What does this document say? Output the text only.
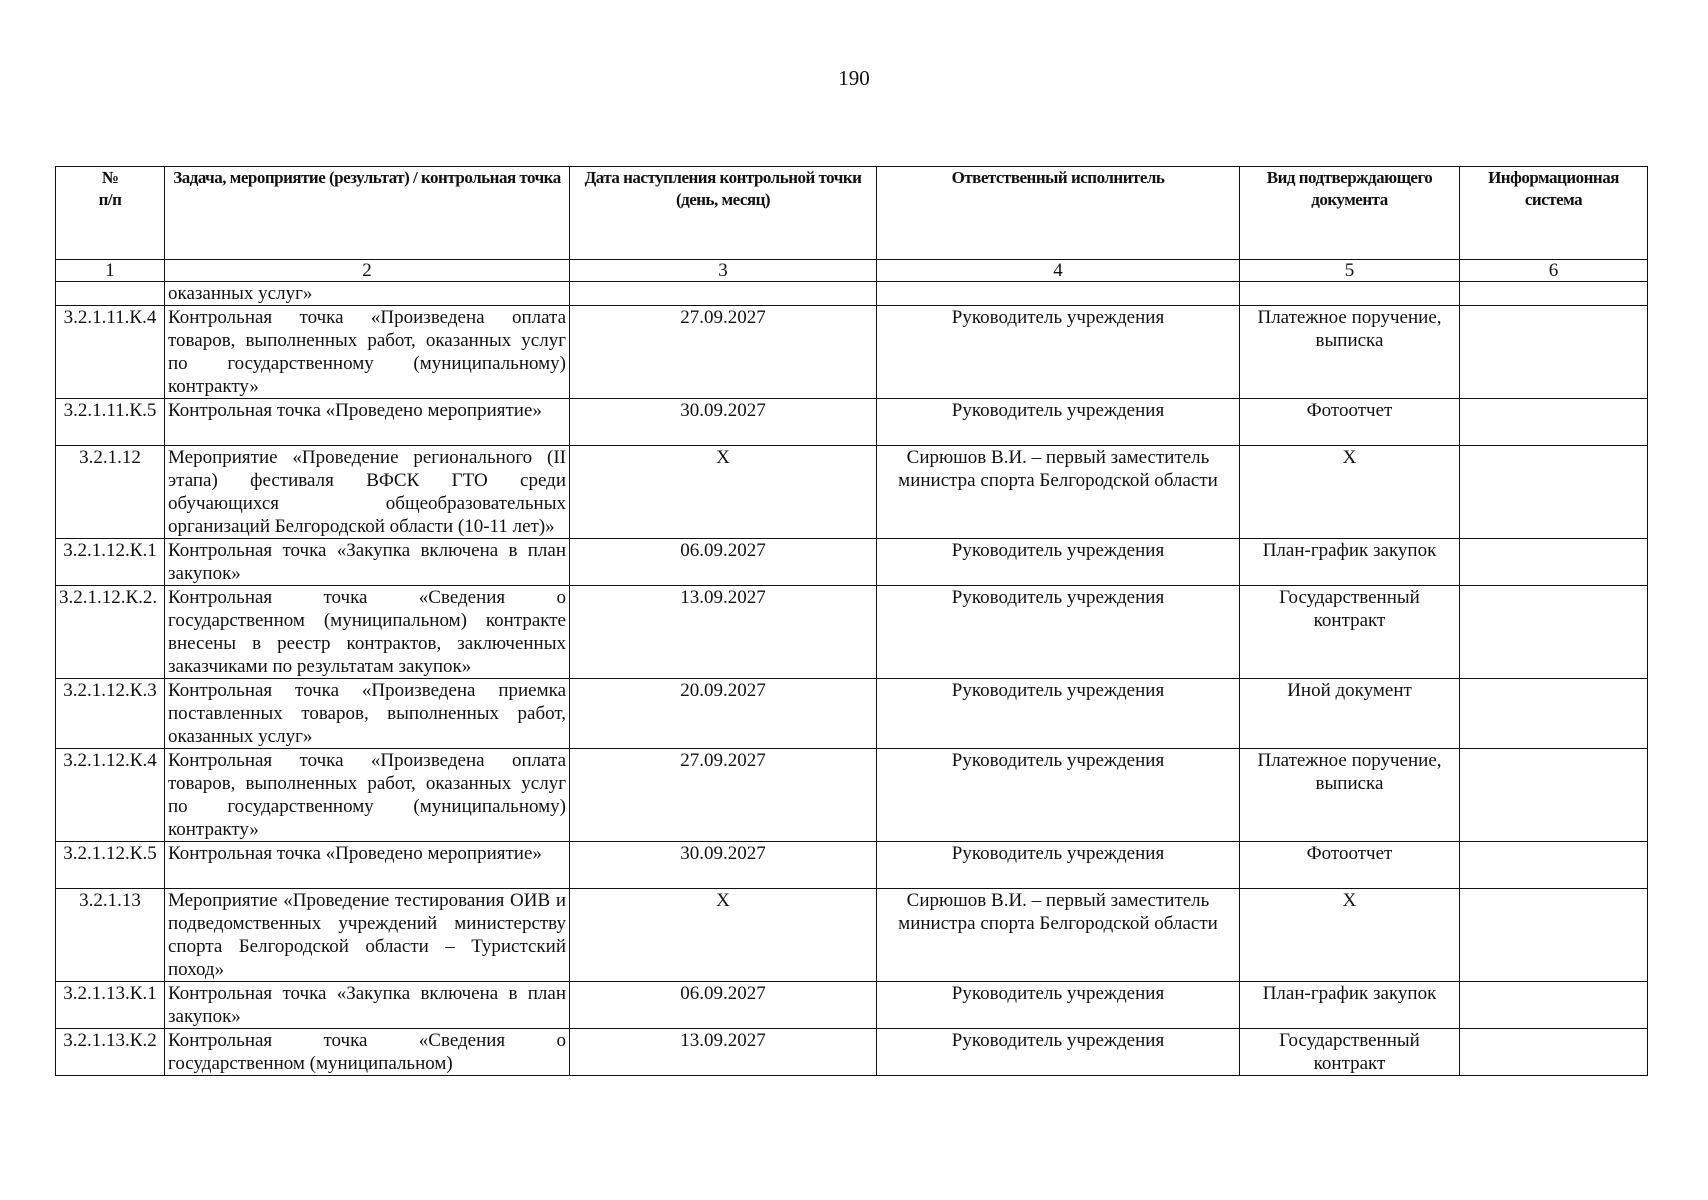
190
№
п/п	Задача, мероприятие (результат) / контрольная точка	Дата наступления контрольной точки (день, месяц)	Ответственный исполнитель	Вид подтверждающего документа	Информационная система
1	2	3	4	5	6
	оказанных услуг»				
3.2.1.11.К.4	Контрольная точка «Произведена оплата товаров, выполненных работ, оказанных услуг по государственному (муниципальному) контракту»	27.09.2027	Руководитель учреждения	Платежное поручение, выписка	
3.2.1.11.К.5	Контрольная точка «Проведено мероприятие»	30.09.2027	Руководитель учреждения	Фотоотчет	
3.2.1.12	Мероприятие «Проведение регионального (II этапа) фестиваля ВФСК ГТО среди обучающихся общеобразовательных организаций Белгородской области (10-11 лет)»	Х	Сирюшов В.И. – первый заместитель министра спорта Белгородской области	Х	
3.2.1.12.К.1	Контрольная точка «Закупка включена в план закупок»	06.09.2027	Руководитель учреждения	План-график закупок	
3.2.1.12.К.2.	Контрольная точка «Сведения о государственном (муниципальном) контракте внесены в реестр контрактов, заключенных заказчиками по результатам закупок»	13.09.2027	Руководитель учреждения	Государственный контракт	
3.2.1.12.К.3	Контрольная точка «Произведена приемка поставленных товаров, выполненных работ, оказанных услуг»	20.09.2027	Руководитель учреждения	Иной документ	
3.2.1.12.К.4	Контрольная точка «Произведена оплата товаров, выполненных работ, оказанных услуг по государственному (муниципальному) контракту»	27.09.2027	Руководитель учреждения	Платежное поручение, выписка	
3.2.1.12.К.5	Контрольная точка «Проведено мероприятие»	30.09.2027	Руководитель учреждения	Фотоотчет	
3.2.1.13	Мероприятие «Проведение тестирования ОИВ и подведомственных учреждений министерству спорта Белгородской области – Туристский поход»	Х	Сирюшов В.И. – первый заместитель министра спорта Белгородской области	Х	
3.2.1.13.К.1	Контрольная точка «Закупка включена в план закупок»	06.09.2027	Руководитель учреждения	План-график закупок	
3.2.1.13.К.2	Контрольная точка «Сведения о государственном (муниципальном)	13.09.2027	Руководитель учреждения	Государственный контракт	
